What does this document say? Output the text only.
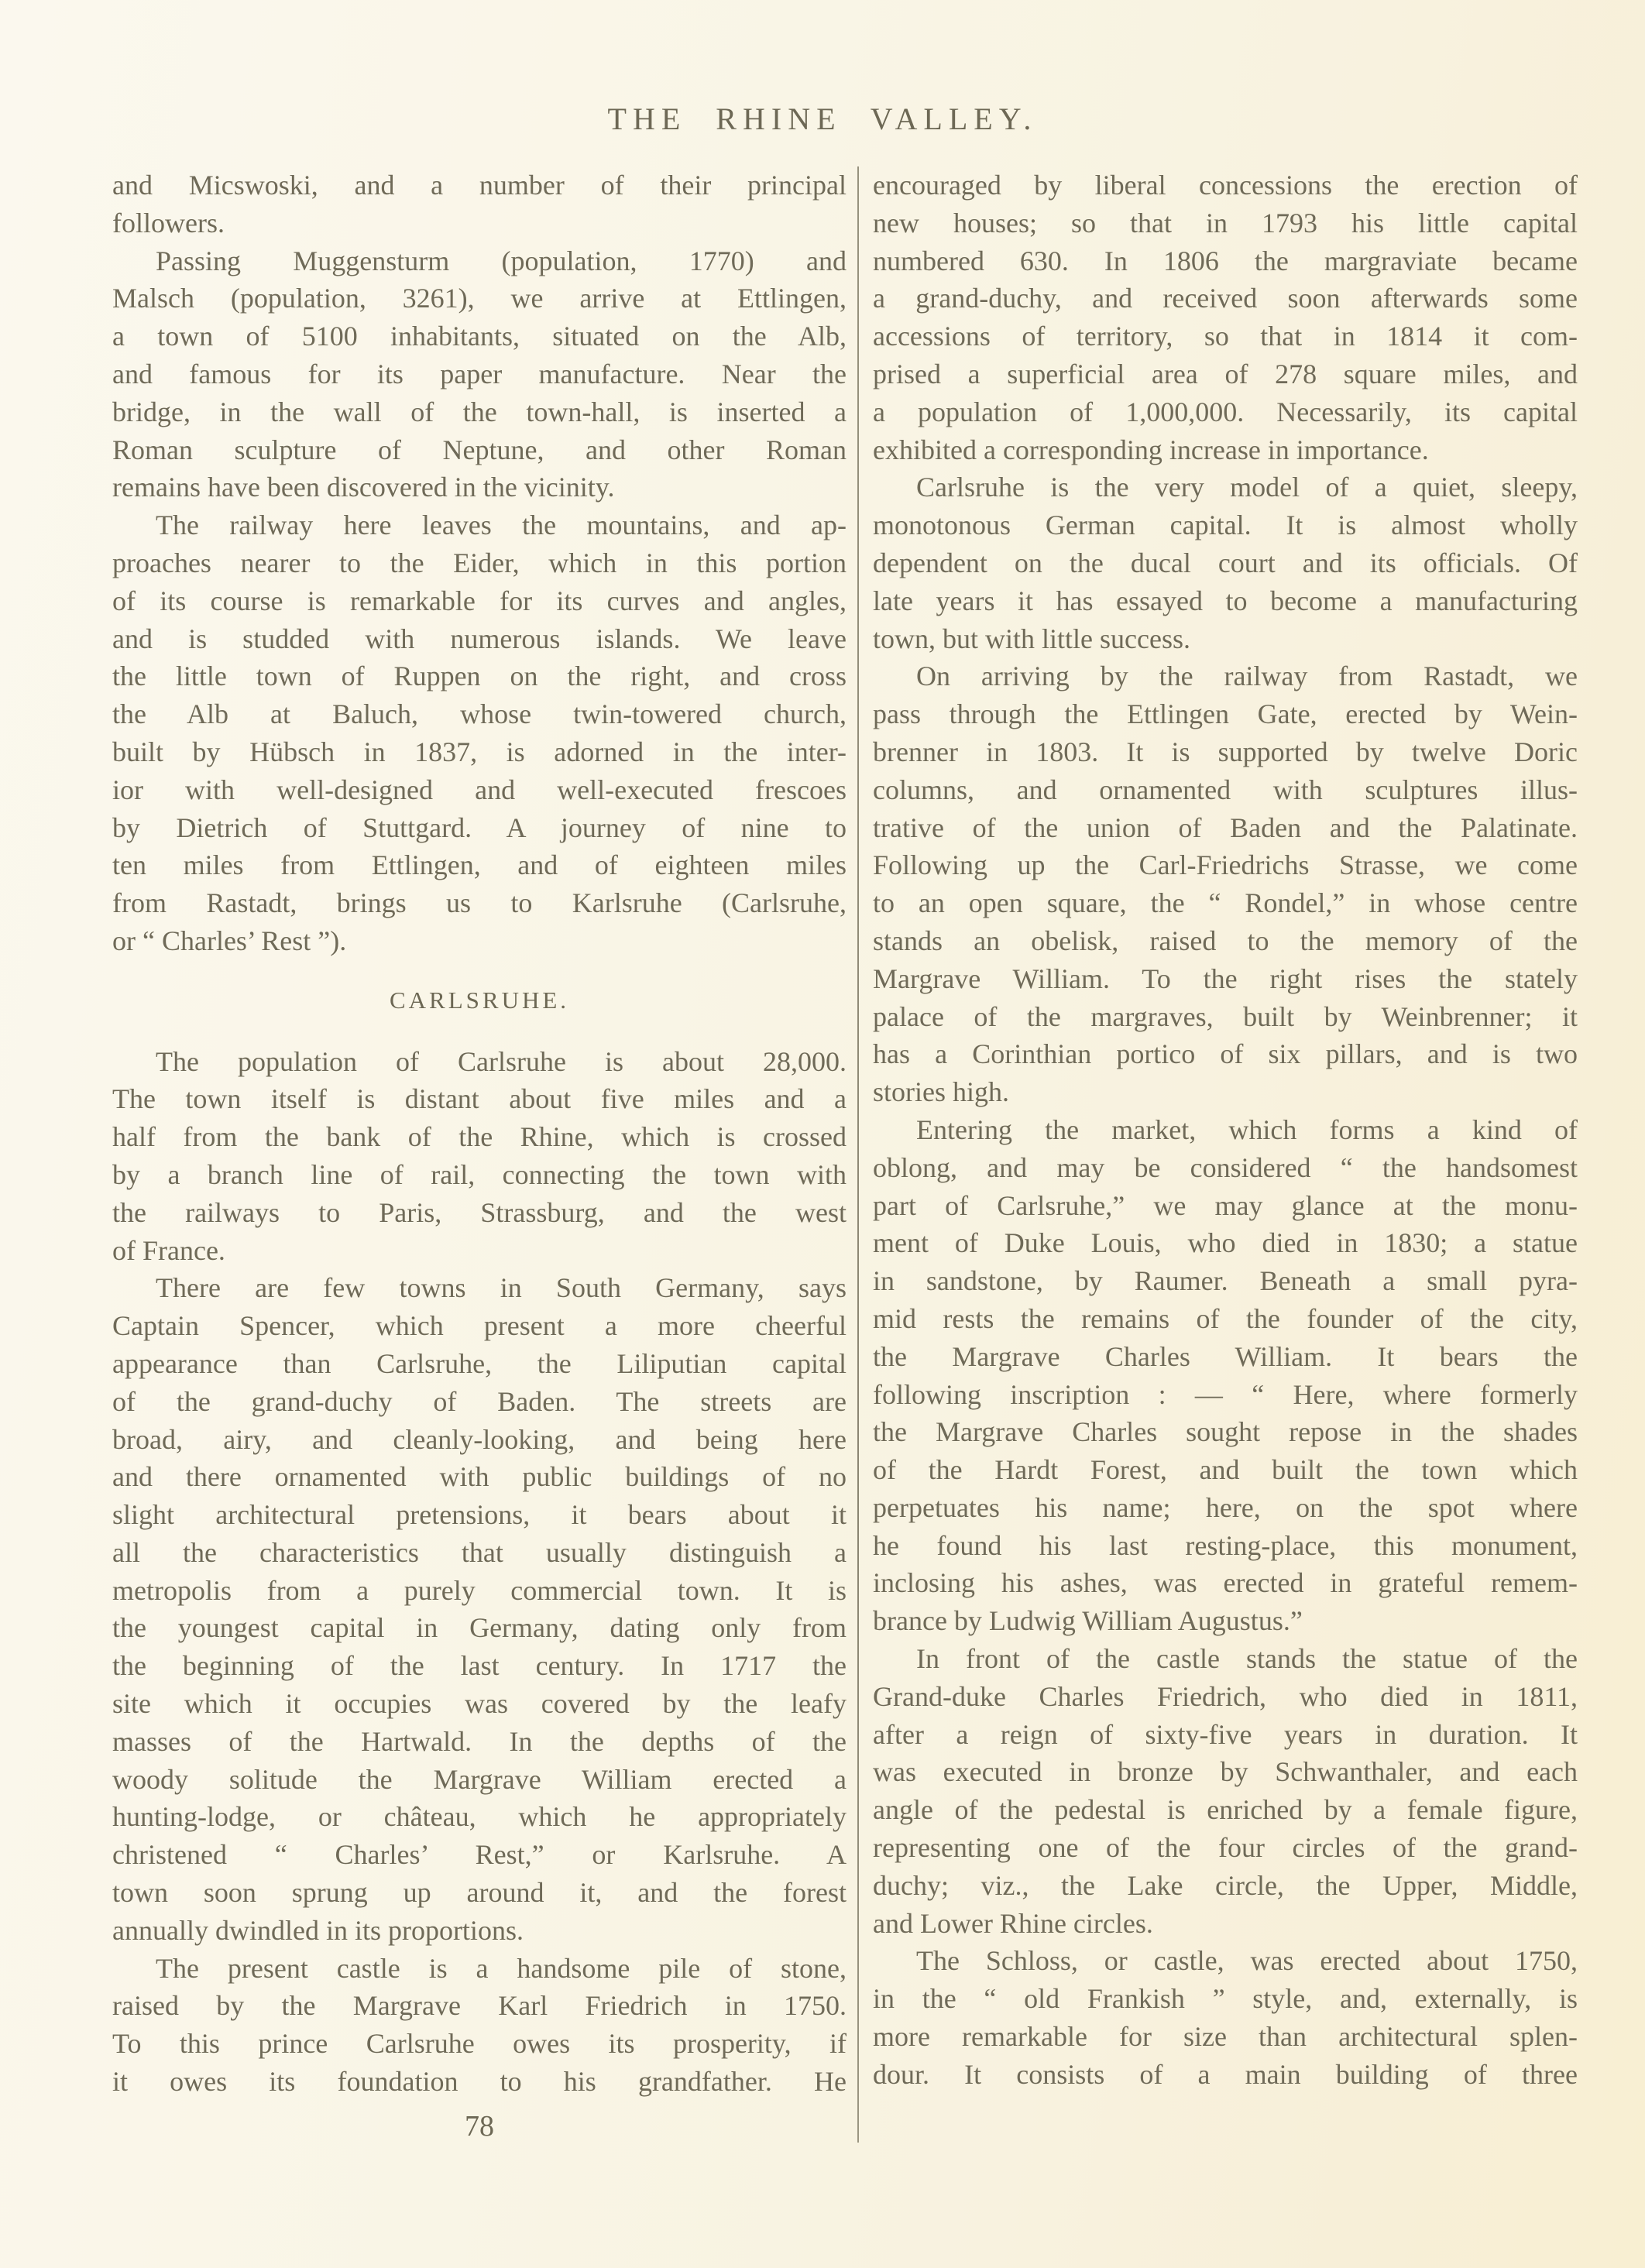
THE RHINE VALLEY.
and Micswoski, and a number of their principal
followers.
Passing Muggensturm (population, 1770) and
Malsch (population, 3261), we arrive at Ettlingen,
a town of 5100 inhabitants, situated on the Alb,
and famous for its paper manufacture. Near the
bridge, in the wall of the town-hall, is inserted a
Roman sculpture of Neptune, and other Roman
remains have been discovered in the vicinity.
The railway here leaves the mountains, and ap-
proaches nearer to the Eider, which in this portion
of its course is remarkable for its curves and angles,
and is studded with numerous islands. We leave
the little town of Ruppen on the right, and cross
the Alb at Baluch, whose twin-towered church,
built by Hübsch in 1837, is adorned in the inter-
ior with well-designed and well-executed frescoes
by Dietrich of Stuttgard. A journey of nine to
ten miles from Ettlingen, and of eighteen miles
from Rastadt, brings us to Karlsruhe (Carlsruhe,
or “ Charles’ Rest ”).
CARLSRUHE.
The population of Carlsruhe is about 28,000.
The town itself is distant about five miles and a
half from the bank of the Rhine, which is crossed
by a branch line of rail, connecting the town with
the railways to Paris, Strassburg, and the west
of France.
There are few towns in South Germany, says
Captain Spencer, which present a more cheerful
appearance than Carlsruhe, the Liliputian capital
of the grand-duchy of Baden. The streets are
broad, airy, and cleanly-looking, and being here
and there ornamented with public buildings of no
slight architectural pretensions, it bears about it
all the characteristics that usually distinguish a
metropolis from a purely commercial town. It is
the youngest capital in Germany, dating only from
the beginning of the last century. In 1717 the
site which it occupies was covered by the leafy
masses of the Hartwald. In the depths of the
woody solitude the Margrave William erected a
hunting-lodge, or château, which he appropriately
christened “ Charles’ Rest,” or Karlsruhe. A
town soon sprung up around it, and the forest
annually dwindled in its proportions.
The present castle is a handsome pile of stone,
raised by the Margrave Karl Friedrich in 1750.
To this prince Carlsruhe owes its prosperity, if
it owes its foundation to his grandfather. He
encouraged by liberal concessions the erection of
new houses; so that in 1793 his little capital
numbered 630. In 1806 the margraviate became
a grand-duchy, and received soon afterwards some
accessions of territory, so that in 1814 it com-
prised a superficial area of 278 square miles, and
a population of 1,000,000. Necessarily, its capital
exhibited a corresponding increase in importance.
Carlsruhe is the very model of a quiet, sleepy,
monotonous German capital. It is almost wholly
dependent on the ducal court and its officials. Of
late years it has essayed to become a manufacturing
town, but with little success.
On arriving by the railway from Rastadt, we
pass through the Ettlingen Gate, erected by Wein-
brenner in 1803. It is supported by twelve Doric
columns, and ornamented with sculptures illus-
trative of the union of Baden and the Palatinate.
Following up the Carl-Friedrichs Strasse, we come
to an open square, the “ Rondel,” in whose centre
stands an obelisk, raised to the memory of the
Margrave William. To the right rises the stately
palace of the margraves, built by Weinbrenner; it
has a Corinthian portico of six pillars, and is two
stories high.
Entering the market, which forms a kind of
oblong, and may be considered “ the handsomest
part of Carlsruhe,” we may glance at the monu-
ment of Duke Louis, who died in 1830; a statue
in sandstone, by Raumer. Beneath a small pyra-
mid rests the remains of the founder of the city,
the Margrave Charles William. It bears the
following inscription : — “ Here, where formerly
the Margrave Charles sought repose in the shades
of the Hardt Forest, and built the town which
perpetuates his name; here, on the spot where
he found his last resting-place, this monument,
inclosing his ashes, was erected in grateful remem-
brance by Ludwig William Augustus.”
In front of the castle stands the statue of the
Grand-duke Charles Friedrich, who died in 1811,
after a reign of sixty-five years in duration. It
was executed in bronze by Schwanthaler, and each
angle of the pedestal is enriched by a female figure,
representing one of the four circles of the grand-
duchy; viz., the Lake circle, the Upper, Middle,
and Lower Rhine circles.
The Schloss, or castle, was erected about 1750,
in the “ old Frankish ” style, and, externally, is
more remarkable for size than architectural splen-
dour. It consists of a main building of three
78
